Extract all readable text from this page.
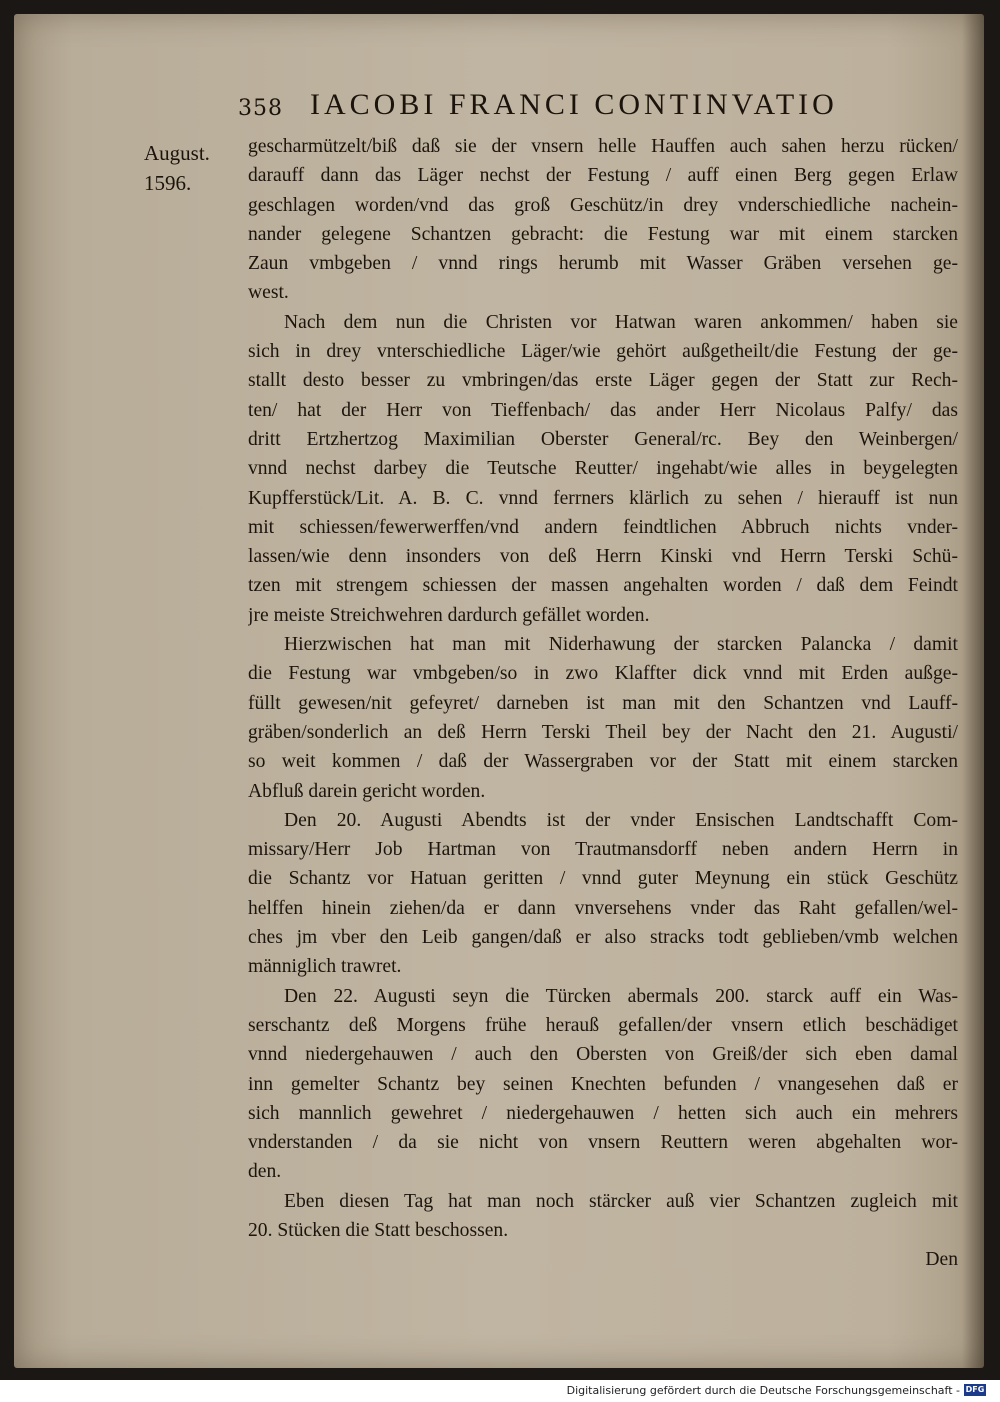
358 IACOBI FRANCI CONTINVATIO
August.
1596.
gescharmützelt/biß daß sie der vnsern helle Hauffen auch sahen herzu rücken/
darauff dann das Läger nechst der Festung / auff einen Berg gegen Erlaw
geschlagen worden/vnd das groß Geschütz/in drey vnderschiedliche nachein-
nander gelegene Schantzen gebracht: die Festung war mit einem starcken
Zaun vmbgeben / vnnd rings herumb mit Wasser Gräben versehen ge-
west.
Nach dem nun die Christen vor Hatwan waren ankommen/ haben sie
sich in drey vnterschiedliche Läger/wie gehört außgetheilt/die Festung der ge-
stallt desto besser zu vmbringen/das erste Läger gegen der Statt zur Rech-
ten/ hat der Herr von Tieffenbach/ das ander Herr Nicolaus Palfy/ das
dritt Ertzhertzog Maximilian Oberster General/rc. Bey den Weinbergen/
vnnd nechst darbey die Teutsche Reutter/ ingehabt/wie alles in beygelegten
Kupfferstück/Lit. A. B. C. vnnd ferrners klärlich zu sehen / hierauff ist nun
mit schiessen/fewerwerffen/vnd andern feindtlichen Abbruch nichts vnder-
lassen/wie denn insonders von deß Herrn Kinski vnd Herrn Terski Schü-
tzen mit strengem schiessen der massen angehalten worden / daß dem Feindt
jre meiste Streichwehren dardurch gefället worden.
Hierzwischen hat man mit Niderhawung der starcken Palancka / damit
die Festung war vmbgeben/so in zwo Klaffter dick vnnd mit Erden außge-
füllt gewesen/nit gefeyret/ darneben ist man mit den Schantzen vnd Lauff-
gräben/sonderlich an deß Herrn Terski Theil bey der Nacht den 21. Augusti/
so weit kommen / daß der Wassergraben vor der Statt mit einem starcken
Abfluß darein gericht worden.
Den 20. Augusti Abendts ist der vnder Ensischen Landtschafft Com-
missary/Herr Job Hartman von Trautmansdorff neben andern Herrn in
die Schantz vor Hatuan geritten / vnnd guter Meynung ein stück Geschütz
helffen hinein ziehen/da er dann vnversehens vnder das Raht gefallen/wel-
ches jm vber den Leib gangen/daß er also stracks todt geblieben/vmb welchen
männiglich trawret.
Den 22. Augusti seyn die Türcken abermals 200. starck auff ein Was-
serschantz deß Morgens frühe herauß gefallen/der vnsern etlich beschädiget
vnnd niedergehauwen / auch den Obersten von Greiß/der sich eben damal
inn gemelter Schantz bey seinen Knechten befunden / vnangesehen daß er
sich mannlich gewehret / niedergehauwen / hetten sich auch ein mehrers
vnderstanden / da sie nicht von vnsern Reuttern weren abgehalten wor-
den.
Eben diesen Tag hat man noch stärcker auß vier Schantzen zugleich mit
20. Stücken die Statt beschossen.
Den
Digitalisierung gefördert durch die Deutsche Forschungsgemeinschaft - DFG
